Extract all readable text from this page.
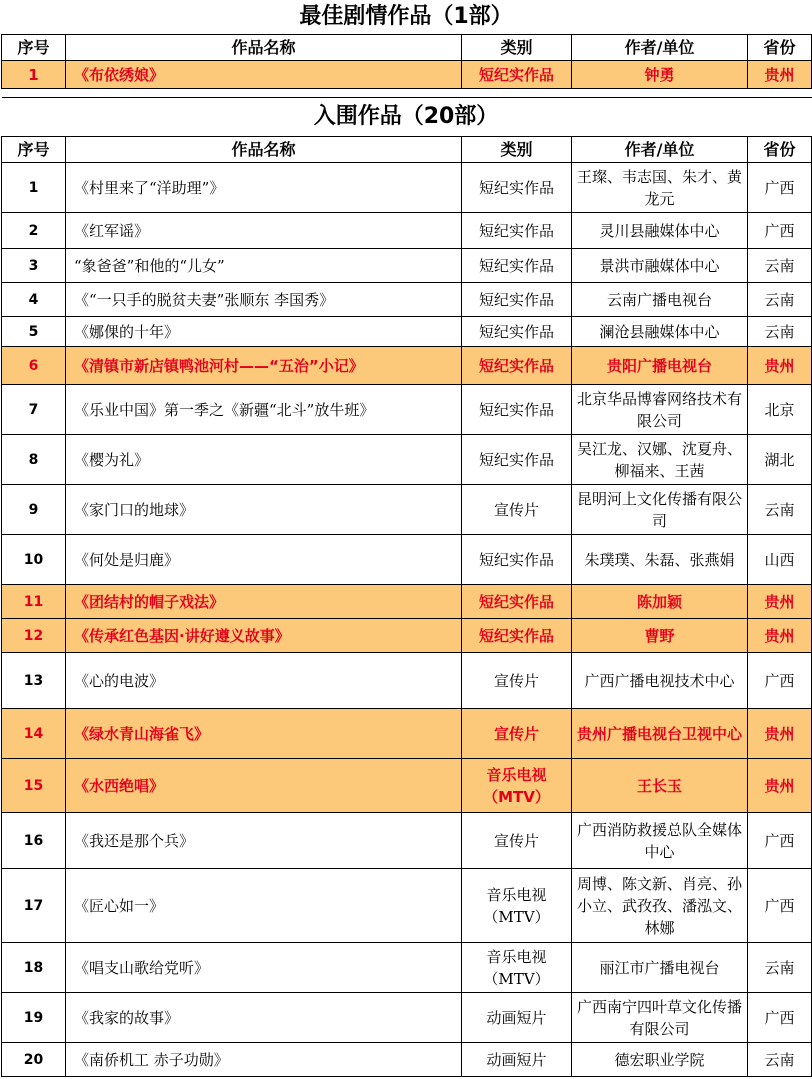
最佳剧情作品（1部）
序号	作品名称	类别	作者/单位	省份
1	《布依绣娘》	短纪实作品	钟勇	贵州

入围作品（20部）
序号	作品名称	类别	作者/单位	省份
1	《村里来了“洋助理”》	短纪实作品	王璨、韦志国、朱才、黄龙元	广西
2	《红军谣》	短纪实作品	灵川县融媒体中心	广西
3	“象爸爸”和他的“儿女”	短纪实作品	景洪市融媒体中心	云南
4	《“一只手的脱贫夫妻”张顺东 李国秀》	短纪实作品	云南广播电视台	云南
5	《娜倮的十年》	短纪实作品	澜沧县融媒体中心	云南
6	《清镇市新店镇鸭池河村——“五治”小记》	短纪实作品	贵阳广播电视台	贵州
7	《乐业中国》第一季之《新疆“北斗”放牛班》	短纪实作品	北京华品博睿网络技术有限公司	北京
8	《樱为礼》	短纪实作品	吴江龙、汉娜、沈夏舟、柳福来、王茜	湖北
9	《家门口的地球》	宣传片	昆明河上文化传播有限公司	云南
10	《何处是归鹿》	短纪实作品	朱璞璞、朱磊、张燕娟	山西
11	《团结村的帽子戏法》	短纪实作品	陈加颖	贵州
12	《传承红色基因·讲好遵义故事》	短纪实作品	曹野	贵州
13	《心的电波》	宣传片	广西广播电视技术中心	广西
14	《绿水青山海雀飞》	宣传片	贵州广播电视台卫视中心	贵州
15	《水西绝唱》	音乐电视（MTV）	王长玉	贵州
16	《我还是那个兵》	宣传片	广西消防救援总队全媒体中心	广西
17	《匠心如一》	音乐电视（MTV）	周博、陈文新、肖亮、孙小立、武孜孜、潘泓文、林娜	广西
18	《唱支山歌给党听》	音乐电视（MTV）	丽江市广播电视台	云南
19	《我家的故事》	动画短片	广西南宁四叶草文化传播有限公司	广西
20	《南侨机工 赤子功勋》	动画短片	德宏职业学院	云南
